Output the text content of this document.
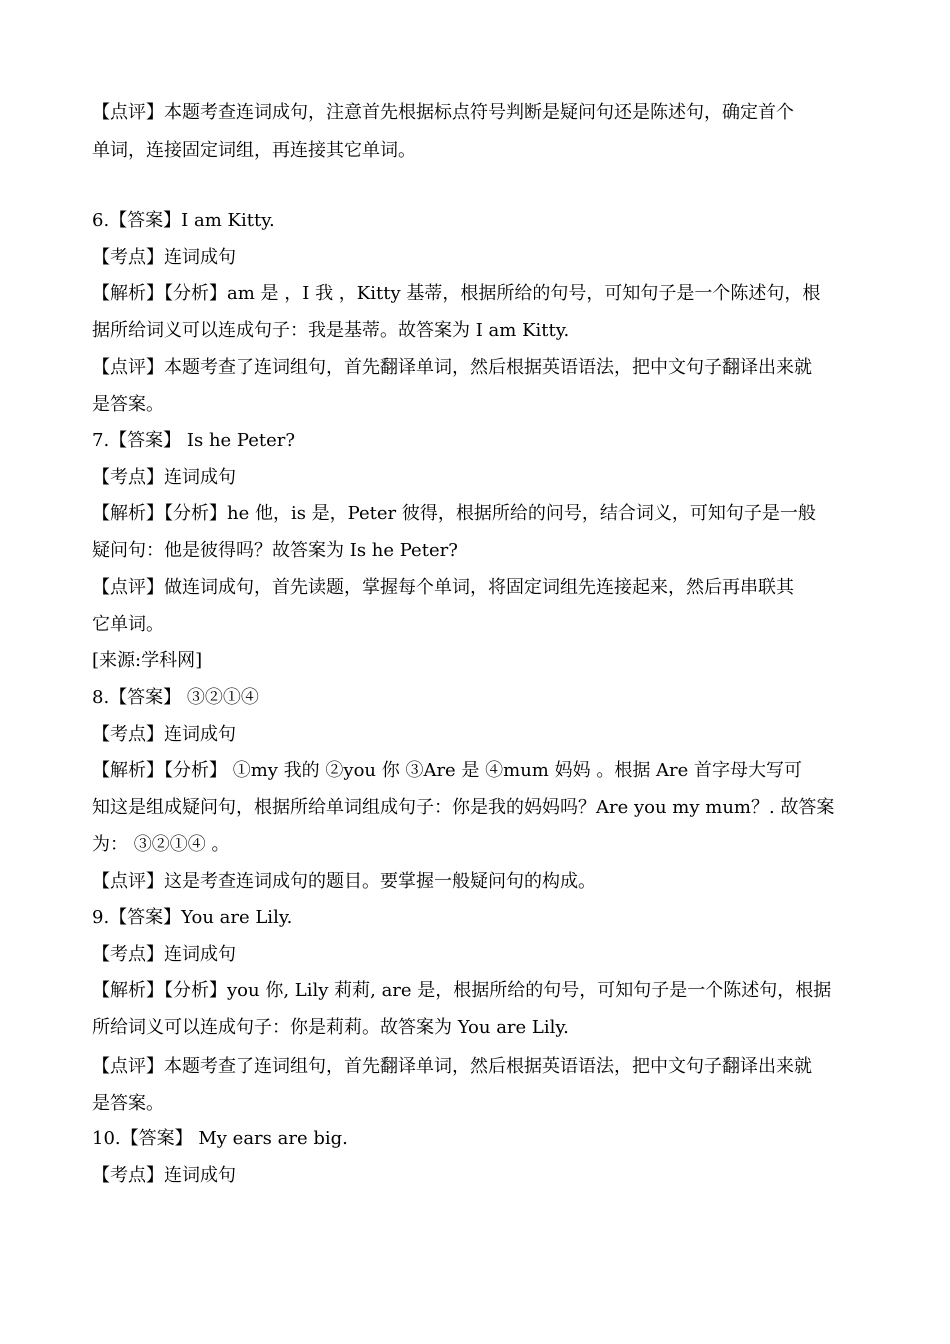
【点评】本题考查连词成句，注意首先根据标点符号判断是疑问句还是陈述句，确定首个
单词，连接固定词组，再连接其它单词。
6.【答案】I am Kitty.
【考点】连词成句
【解析】【分析】am 是 ，I 我 ，Kitty 基蒂，根据所给的句号，可知句子是一个陈述句，根
据所给词义可以连成句子：我是基蒂。故答案为 I am Kitty.
【点评】本题考查了连词组句，首先翻译单词，然后根据英语语法，把中文句子翻译出来就
是答案。
7.【答案】 Is he Peter?
【考点】连词成句
【解析】【分析】he 他，is 是，Peter 彼得，根据所给的问号，结合词义，可知句子是一般
疑问句：他是彼得吗？故答案为 Is he Peter?
【点评】做连词成句，首先读题，掌握每个单词，将固定词组先连接起来，然后再串联其
它单词。
[来源:学科网]
8.【答案】 ③②①④
【考点】连词成句
【解析】【分析】 ①my 我的 ②you 你 ③Are 是 ④mum 妈妈 。根据 Are 首字母大写可
知这是组成疑问句，根据所给单词组成句子：你是我的妈妈吗？Are you my mum？. 故答案
为： ③②①④ 。
【点评】这是考查连词成句的题目。要掌握一般疑问句的构成。
9.【答案】You are Lily.
【考点】连词成句
【解析】【分析】you 你, Lily 莉莉, are 是，根据所给的句号，可知句子是一个陈述句，根据
所给词义可以连成句子：你是莉莉。故答案为 You are Lily.
【点评】本题考查了连词组句，首先翻译单词，然后根据英语语法，把中文句子翻译出来就
是答案。
10.【答案】 My ears are big.
【考点】连词成句
